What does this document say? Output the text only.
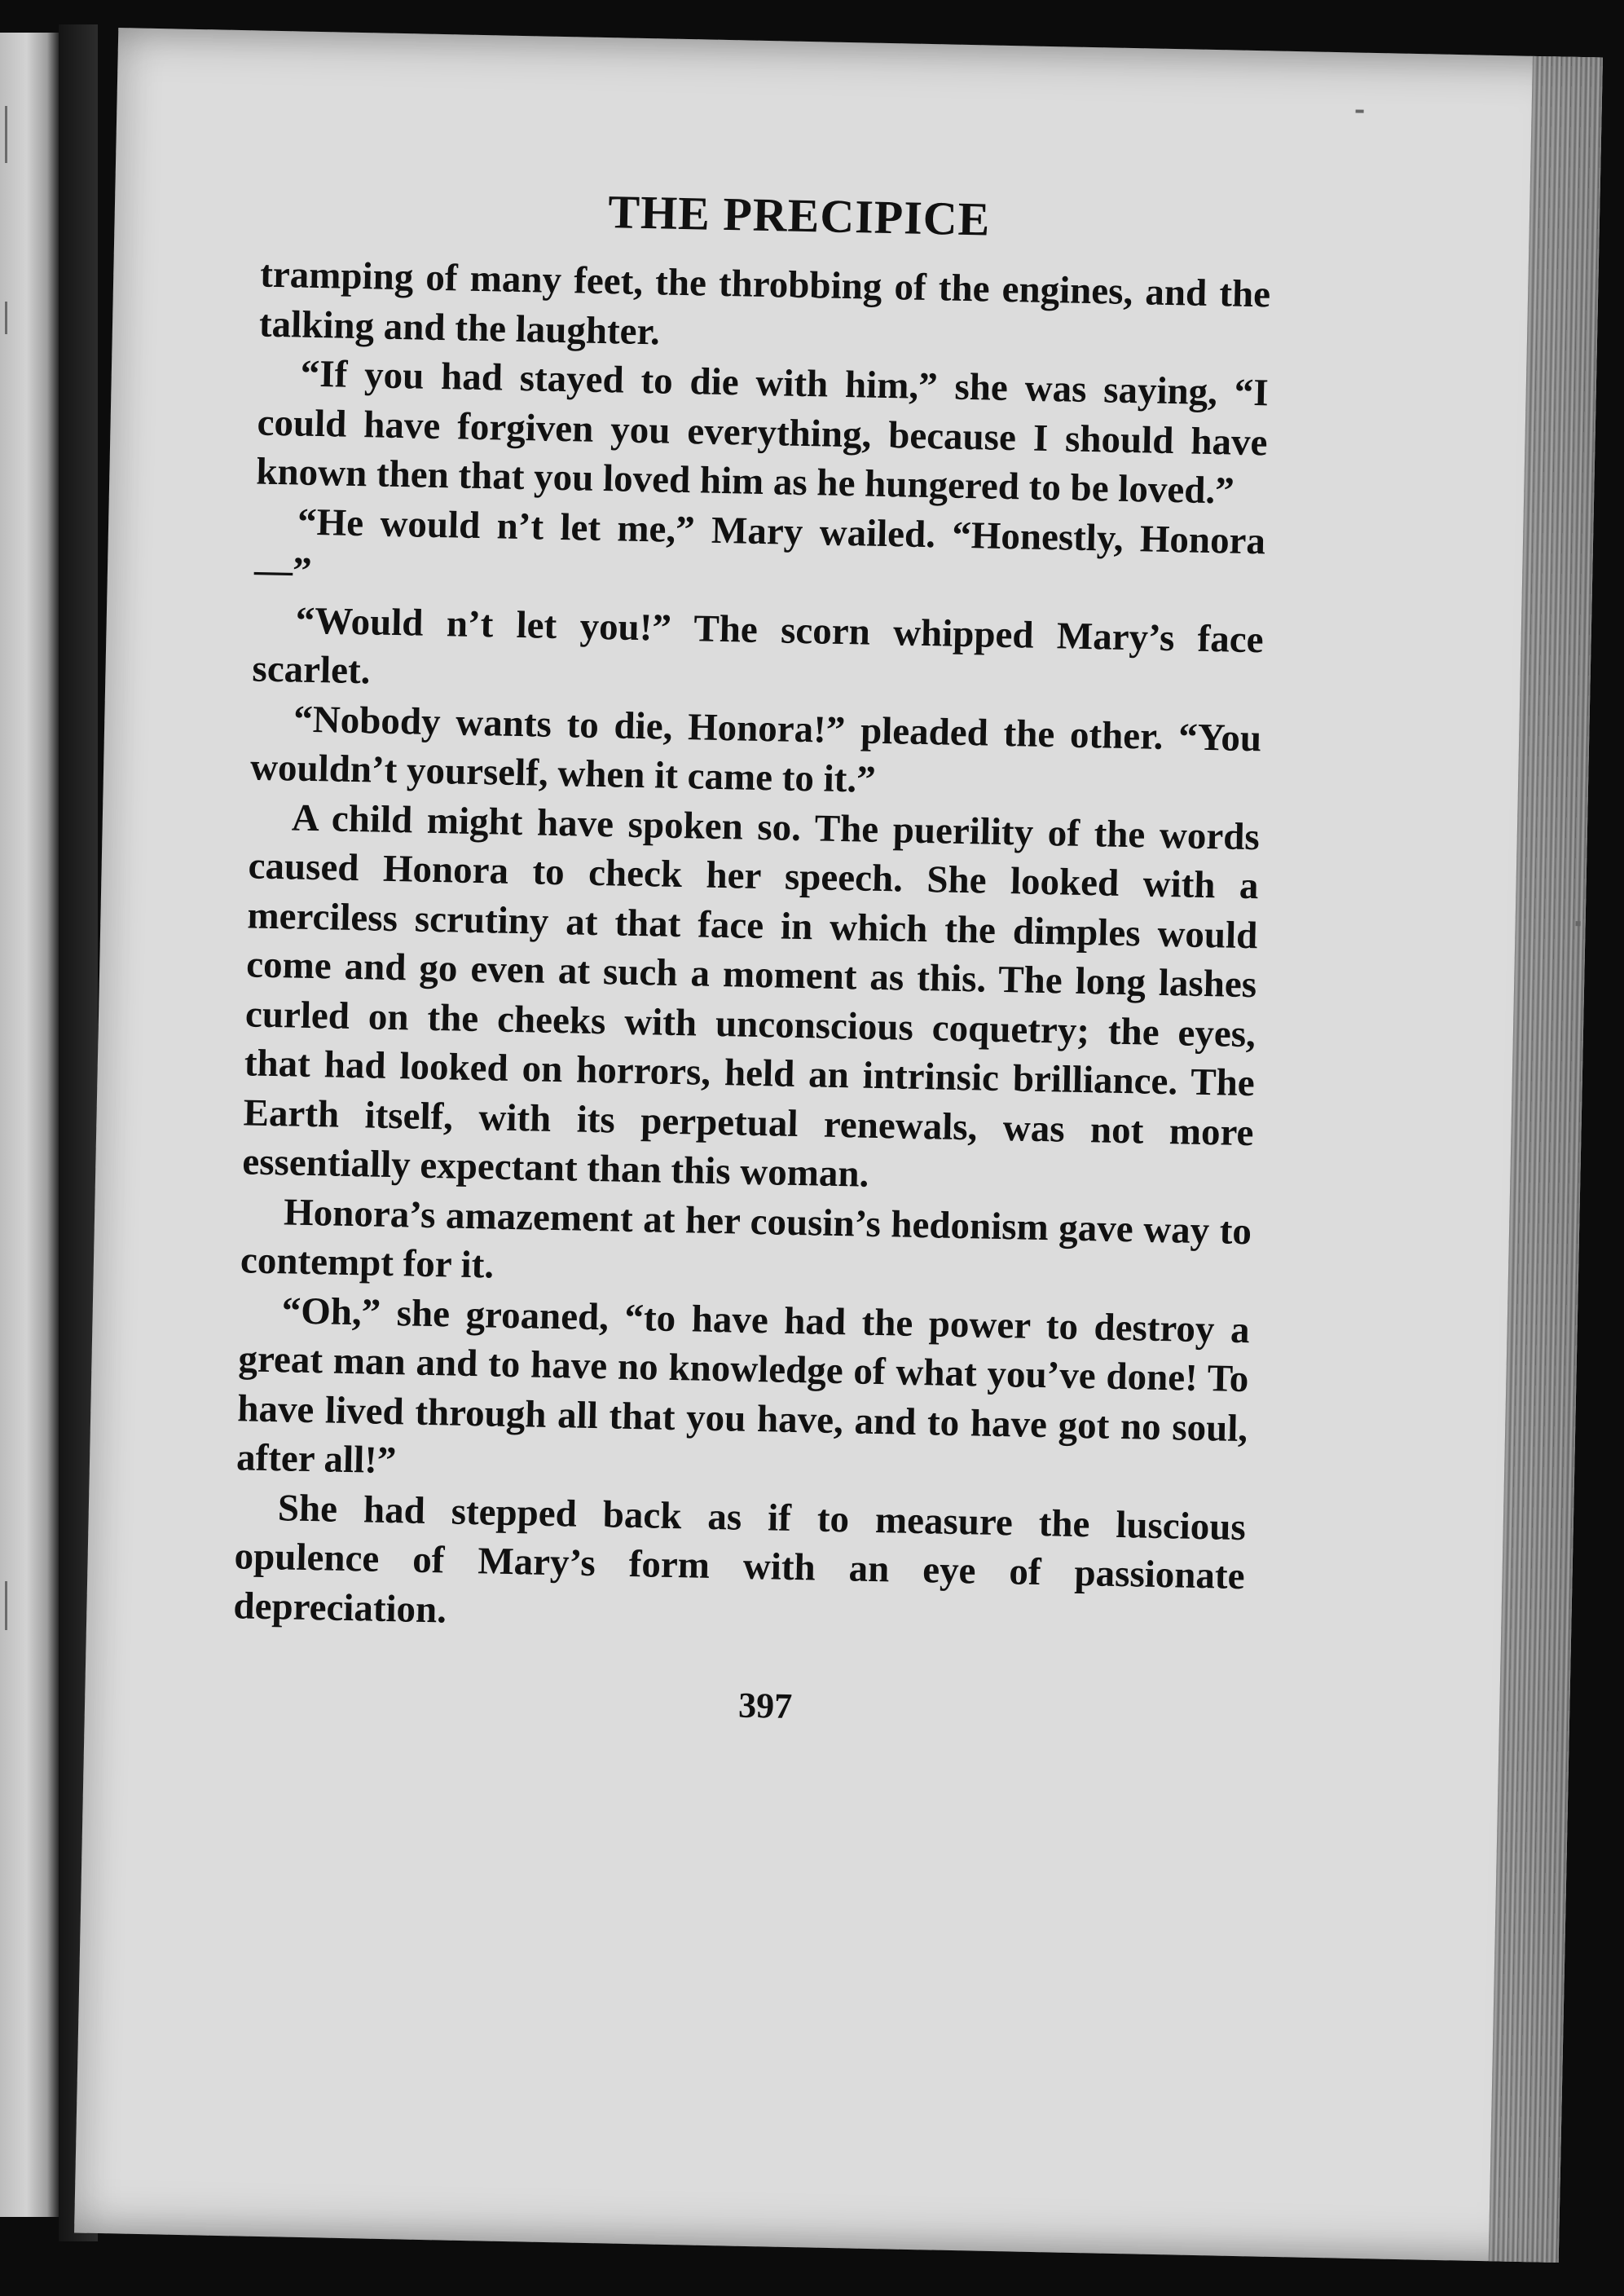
THE PRECIPICE

tramping of many feet, the throbbing of the engines, and the talking and the laughter.

“If you had stayed to die with him,” she was saying, “I could have forgiven you everything, because I should have known then that you loved him as he hungered to be loved.”

“He would n’t let me,” Mary wailed. “Honestly, Honora —”

“Would n’t let you!” The scorn whipped Mary’s face scarlet.

“Nobody wants to die, Honora!” pleaded the other. “You wouldn’t yourself, when it came to it.”

A child might have spoken so. The puerility of the words caused Honora to check her speech. She looked with a merciless scrutiny at that face in which the dimples would come and go even at such a moment as this. The long lashes curled on the cheeks with unconscious coquetry; the eyes, that had looked on horrors, held an intrinsic brilliance. The Earth itself, with its perpetual renewals, was not more essentially expectant than this woman.

Honora’s amazement at her cousin’s hedonism gave way to contempt for it.

“Oh,” she groaned, “to have had the power to destroy a great man and to have no knowledge of what you’ve done! To have lived through all that you have, and to have got no soul, after all!”

She had stepped back as if to measure the luscious opulence of Mary’s form with an eye of passionate depreciation.

397
